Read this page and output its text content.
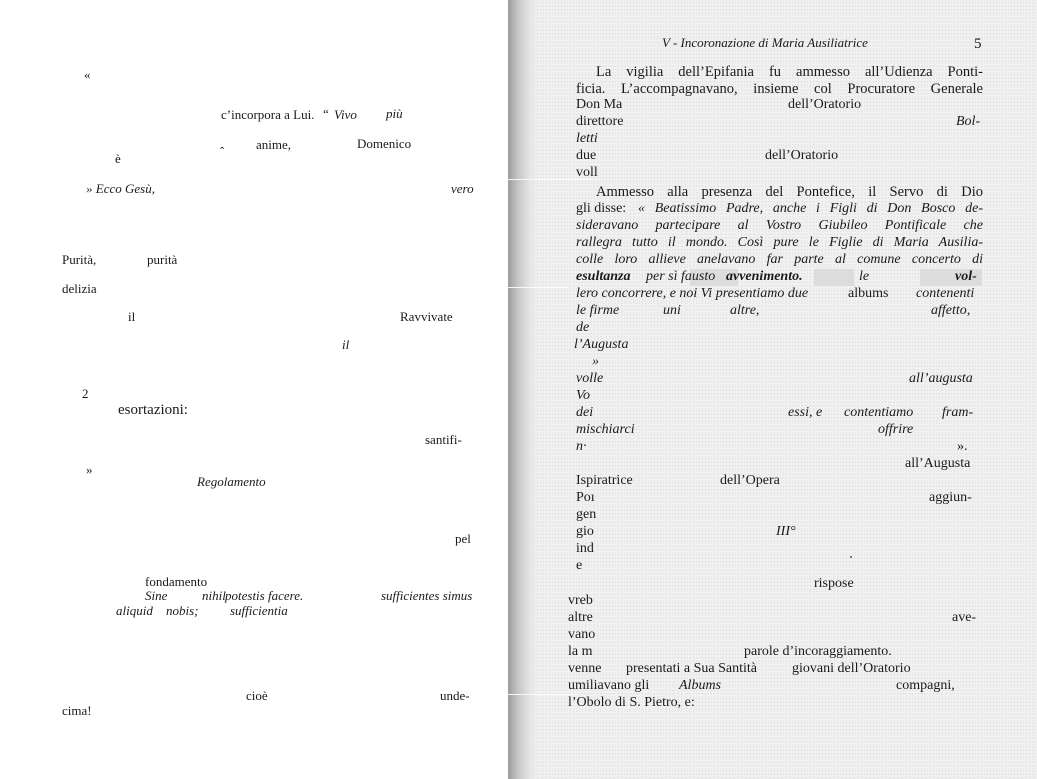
«
c’incorpora a Lui. “ Vivo più
anime,	Domenico
è	ˆ
» Ecco Gesù,	vero
Purità,	purità
delizia
il	Ravvivate
il
2
esortazioni:
santifi-
»
Regolamento
pel
fondamento
Sine	nihil potestis facere.	sufficientes simus
aliquid nobis; sufficientia
cioè	unde-
cima!
V - Incoronazione di Maria Ausiliatrice	5
La vigilia dell’Epifania fu ammesso all’Udienza Ponti-
ficia. L’accompagnavano, insieme col Procuratore Generale
Don Ma	dell’Oratorio
direttore	Bol-
letti
due	dell’Oratorio
voll
Ammesso alla presenza del Pontefice, il Servo di Dio
gli disse: « Beatissimo Padre, anche i Figli di Don Bosco de-
sideravano partecipare al Vostro Giubileo Pontificale che
rallegra tutto il mondo. Così pure le Figlie di Maria Ausilia-
colle loro allieve anelavano far parte al comune concerto di
esultanza per sì fausto avvenimento.	le	vol-
lero concorrere, e noi Vi presentiamo due	albums contenenti
le firme	uni	altre,	affetto,
de
l’Augusta
»
volle	all’augusta
Vo
dei	essi, e contentiamo fram-
mischiarci	offrire
n·	».
all’Augusta
Ispiratrice	dell’Opera
Poı	aggiun-
gen
gio	III°
ind
e
rispose
vreb
altre	ave-
vano
la m	parole d’incoraggiamento.
venne presentati a Sua Santità giovani dell’Oratorio
umiliavano gli Albums	compagni,
l’Obolo di S. Pietro, e:
